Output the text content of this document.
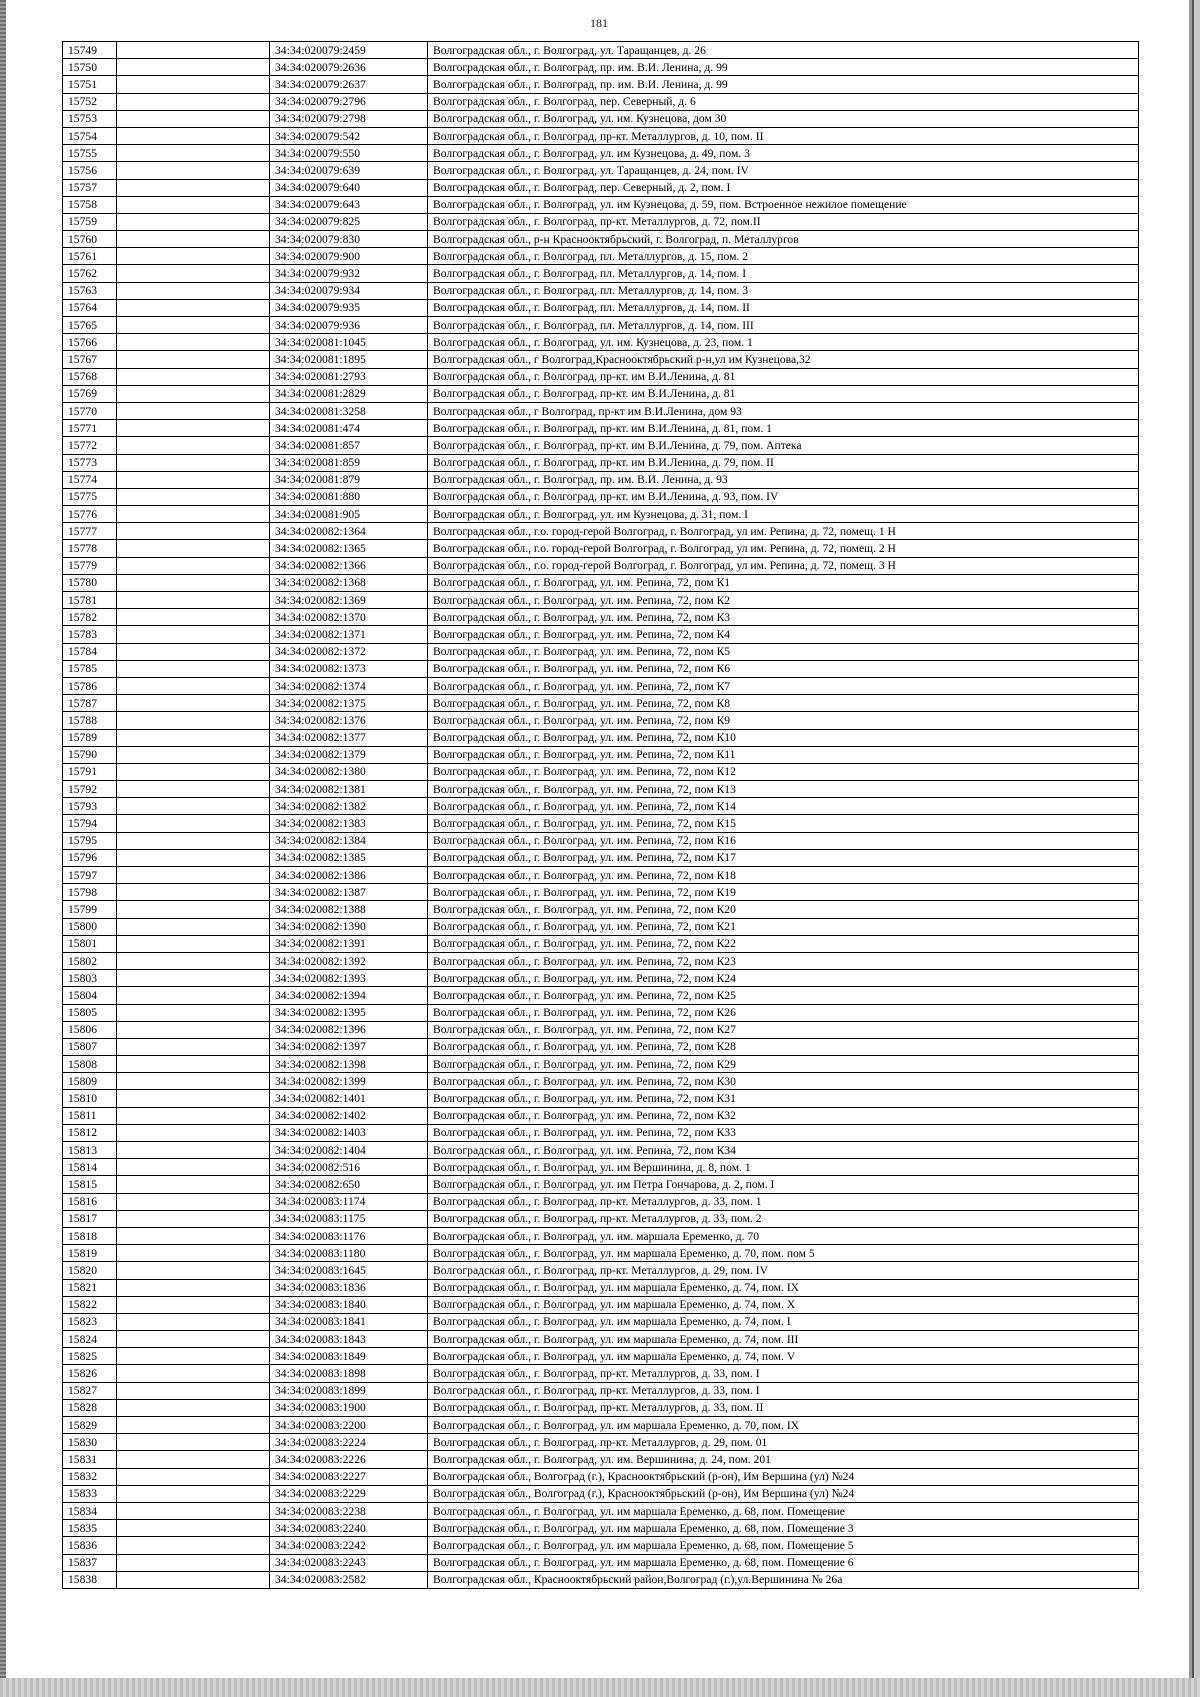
181
15749		34:34:020079:2459	Волгоградская обл., г. Волгоград, ул. Таращанцев, д. 26
15750		34:34:020079:2636	Волгоградская обл., г. Волгоград, пр. им. В.И. Ленина, д. 99
15751		34:34:020079:2637	Волгоградская обл., г. Волгоград, пр. им. В.И. Ленина, д. 99
15752		34:34:020079:2796	Волгоградская обл., г. Волгоград, пер. Северный, д. 6
15753		34:34:020079:2798	Волгоградская обл., г. Волгоград, ул. им. Кузнецова, дом 30
15754		34:34:020079:542	Волгоградская обл., г. Волгоград, пр-кт. Металлургов, д. 10, пом. II
15755		34:34:020079:550	Волгоградская обл., г. Волгоград, ул. им Кузнецова, д. 49, пом. 3
15756		34:34:020079:639	Волгоградская обл., г. Волгоград, ул. Таращанцев, д. 24, пом. IV
15757		34:34:020079:640	Волгоградская обл., г. Волгоград, пер. Северный, д. 2, пом. I
15758		34:34:020079:643	Волгоградская обл., г. Волгоград, ул. им Кузнецова, д. 59, пом. Встроенное нежилое помещение
15759		34:34:020079:825	Волгоградская обл., г. Волгоград, пр-кт. Металлургов, д. 72, пом.II
15760		34:34:020079:830	Волгоградская обл., р-н Краснооктябрьский, г. Волгоград, п. Металлургов
15761		34:34:020079:900	Волгоградская обл., г. Волгоград, пл. Металлургов, д. 15, пом. 2
15762		34:34:020079:932	Волгоградская обл., г. Волгоград, пл. Металлургов, д. 14, пом. I
15763		34:34:020079:934	Волгоградская обл., г. Волгоград, пл. Металлургов, д. 14, пом. 3
15764		34:34:020079:935	Волгоградская обл., г. Волгоград, пл. Металлургов, д. 14, пом. II
15765		34:34:020079:936	Волгоградская обл., г. Волгоград, пл. Металлургов, д. 14, пом. III
15766		34:34:020081:1045	Волгоградская обл., г. Волгоград, ул. им. Кузнецова, д. 23, пом. 1
15767		34:34:020081:1895	Волгоградская обл., г Волгоград,Краснооктябрьский р-н,ул им Кузнецова,32
15768		34:34:020081:2793	Волгоградская обл., г. Волгоград, пр-кт. им В.И.Ленина, д. 81
15769		34:34:020081:2829	Волгоградская обл., г. Волгоград, пр-кт. им В.И.Ленина, д. 81
15770		34:34:020081:3258	Волгоградская обл., г Волгоград, пр-кт им В.И.Ленина, дом 93
15771		34:34:020081:474	Волгоградская обл., г. Волгоград, пр-кт. им В.И.Ленина, д. 81, пом. 1
15772		34:34:020081:857	Волгоградская обл., г. Волгоград, пр-кт. им В.И.Ленина, д. 79, пом. Аптека
15773		34:34:020081:859	Волгоградская обл., г. Волгоград, пр-кт. им В.И.Ленина, д. 79, пом. II
15774		34:34:020081:879	Волгоградская обл., г. Волгоград, пр. им. В.И. Ленина, д. 93
15775		34:34:020081:880	Волгоградская обл., г. Волгоград, пр-кт. им В.И.Ленина, д. 93, пом. IV
15776		34:34:020081:905	Волгоградская обл., г. Волгоград, ул. им Кузнецова, д. 31, пом. I
15777		34:34:020082:1364	Волгоградская обл., г.о. город-герой Волгоград, г. Волгоград, ул им. Репина, д. 72, помещ. 1 Н
15778		34:34:020082:1365	Волгоградская обл., г.о. город-герой Волгоград, г. Волгоград, ул им. Репина, д. 72, помещ. 2 Н
15779		34:34:020082:1366	Волгоградская обл., г.о. город-герой Волгоград, г. Волгоград, ул им. Репина, д. 72, помещ. 3 Н
15780		34:34:020082:1368	Волгоградская обл., г. Волгоград, ул. им. Репина, 72, пом К1
15781		34:34:020082:1369	Волгоградская обл., г. Волгоград, ул. им. Репина, 72, пом К2
15782		34:34:020082:1370	Волгоградская обл., г. Волгоград, ул. им. Репина, 72, пом К3
15783		34:34:020082:1371	Волгоградская обл., г. Волгоград, ул. им. Репина, 72, пом К4
15784		34:34:020082:1372	Волгоградская обл., г. Волгоград, ул. им. Репина, 72, пом К5
15785		34:34:020082:1373	Волгоградская обл., г. Волгоград, ул. им. Репина, 72, пом К6
15786		34:34:020082:1374	Волгоградская обл., г. Волгоград, ул. им. Репина, 72, пом К7
15787		34:34:020082:1375	Волгоградская обл., г. Волгоград, ул. им. Репина, 72, пом К8
15788		34:34:020082:1376	Волгоградская обл., г. Волгоград, ул. им. Репина, 72, пом К9
15789		34:34:020082:1377	Волгоградская обл., г. Волгоград, ул. им. Репина, 72, пом К10
15790		34:34:020082:1379	Волгоградская обл., г. Волгоград, ул. им. Репина, 72, пом К11
15791		34:34:020082:1380	Волгоградская обл., г. Волгоград, ул. им. Репина, 72, пом К12
15792		34:34:020082:1381	Волгоградская обл., г. Волгоград, ул. им. Репина, 72, пом К13
15793		34:34:020082:1382	Волгоградская обл., г. Волгоград, ул. им. Репина, 72, пом К14
15794		34:34:020082:1383	Волгоградская обл., г. Волгоград, ул. им. Репина, 72, пом К15
15795		34:34:020082:1384	Волгоградская обл., г. Волгоград, ул. им. Репина, 72, пом К16
15796		34:34:020082:1385	Волгоградская обл., г. Волгоград, ул. им. Репина, 72, пом К17
15797		34:34:020082:1386	Волгоградская обл., г. Волгоград, ул. им. Репина, 72, пом К18
15798		34:34:020082:1387	Волгоградская обл., г. Волгоград, ул. им. Репина, 72, пом К19
15799		34:34:020082:1388	Волгоградская обл., г. Волгоград, ул. им. Репина, 72, пом К20
15800		34:34:020082:1390	Волгоградская обл., г. Волгоград, ул. им. Репина, 72, пом К21
15801		34:34:020082:1391	Волгоградская обл., г. Волгоград, ул. им. Репина, 72, пом К22
15802		34:34:020082:1392	Волгоградская обл., г. Волгоград, ул. им. Репина, 72, пом К23
15803		34:34:020082:1393	Волгоградская обл., г. Волгоград, ул. им. Репина, 72, пом К24
15804		34:34:020082:1394	Волгоградская обл., г. Волгоград, ул. им. Репина, 72, пом К25
15805		34:34:020082:1395	Волгоградская обл., г. Волгоград, ул. им. Репина, 72, пом К26
15806		34:34:020082:1396	Волгоградская обл., г. Волгоград, ул. им. Репина, 72, пом К27
15807		34:34:020082:1397	Волгоградская обл., г. Волгоград, ул. им. Репина, 72, пом К28
15808		34:34:020082:1398	Волгоградская обл., г. Волгоград, ул. им. Репина, 72, пом К29
15809		34:34:020082:1399	Волгоградская обл., г. Волгоград, ул. им. Репина, 72, пом К30
15810		34:34:020082:1401	Волгоградская обл., г. Волгоград, ул. им. Репина, 72, пом К31
15811		34:34:020082:1402	Волгоградская обл., г. Волгоград, ул. им. Репина, 72, пом К32
15812		34:34:020082:1403	Волгоградская обл., г. Волгоград, ул. им. Репина, 72, пом К33
15813		34:34:020082:1404	Волгоградская обл., г. Волгоград, ул. им. Репина, 72, пом К34
15814		34:34:020082:516	Волгоградская обл., г. Волгоград, ул. им Вершинина, д. 8, пом. 1
15815		34:34:020082:650	Волгоградская обл., г. Волгоград, ул. им Петра Гончарова, д. 2, пом. I
15816		34:34:020083:1174	Волгоградская обл., г. Волгоград, пр-кт. Металлургов, д. 33, пом. 1
15817		34:34:020083:1175	Волгоградская обл., г. Волгоград, пр-кт. Металлургов, д. 33, пом. 2
15818		34:34:020083:1176	Волгоградская обл., г. Волгоград, ул. им. маршала Еременко, д. 70
15819		34:34:020083:1180	Волгоградская обл., г. Волгоград, ул. им маршала Еременко, д. 70, пом. пом 5
15820		34:34:020083:1645	Волгоградская обл., г. Волгоград, пр-кт. Металлургов, д. 29, пом. IV
15821		34:34:020083:1836	Волгоградская обл., г. Волгоград, ул. им маршала Еременко, д. 74, пом. IX
15822		34:34:020083:1840	Волгоградская обл., г. Волгоград, ул. им маршала Еременко, д. 74, пом. X
15823		34:34:020083:1841	Волгоградская обл., г. Волгоград, ул. им маршала Еременко, д. 74, пом. I
15824		34:34:020083:1843	Волгоградская обл., г. Волгоград, ул. им маршала Еременко, д. 74, пом. III
15825		34:34:020083:1849	Волгоградская обл., г. Волгоград, ул. им маршала Еременко, д. 74, пом. V
15826		34:34:020083:1898	Волгоградская обл., г. Волгоград, пр-кт. Металлургов, д. 33, пом. I
15827		34:34:020083:1899	Волгоградская обл., г. Волгоград, пр-кт. Металлургов, д. 33, пом. I
15828		34:34:020083:1900	Волгоградская обл., г. Волгоград, пр-кт. Металлургов, д. 33, пом. II
15829		34:34:020083:2200	Волгоградская обл., г. Волгоград, ул. им маршала Еременко, д. 70, пом. IX
15830		34:34:020083:2224	Волгоградская обл., г. Волгоград, пр-кт. Металлургов, д. 29, пом. 01
15831		34:34:020083:2226	Волгоградская обл., г. Волгоград, ул. им. Вершинина, д. 24, пом. 201
15832		34:34:020083:2227	Волгоградская обл., Волгоград (г.), Краснооктябрьский (р-он), Им Вершина (ул) №24
15833		34:34:020083:2229	Волгоградская обл., Волгоград (г.), Краснооктябрьский (р-он), Им Вершина (ул) №24
15834		34:34:020083:2238	Волгоградская обл., г. Волгоград, ул. им маршала Еременко, д. 68, пом. Помещение
15835		34:34:020083:2240	Волгоградская обл., г. Волгоград, ул. им маршала Еременко, д. 68, пом. Помещение 3
15836		34:34:020083:2242	Волгоградская обл., г. Волгоград, ул. им маршала Еременко, д. 68, пом. Помещение 5
15837		34:34:020083:2243	Волгоградская обл., г. Волгоград, ул. им маршала Еременко, д. 68, пом. Помещение 6
15838		34:34:020083:2582	Волгоградская обл., Краснооктябрьский район,Волгоград (г.),ул.Вершинина № 26а
